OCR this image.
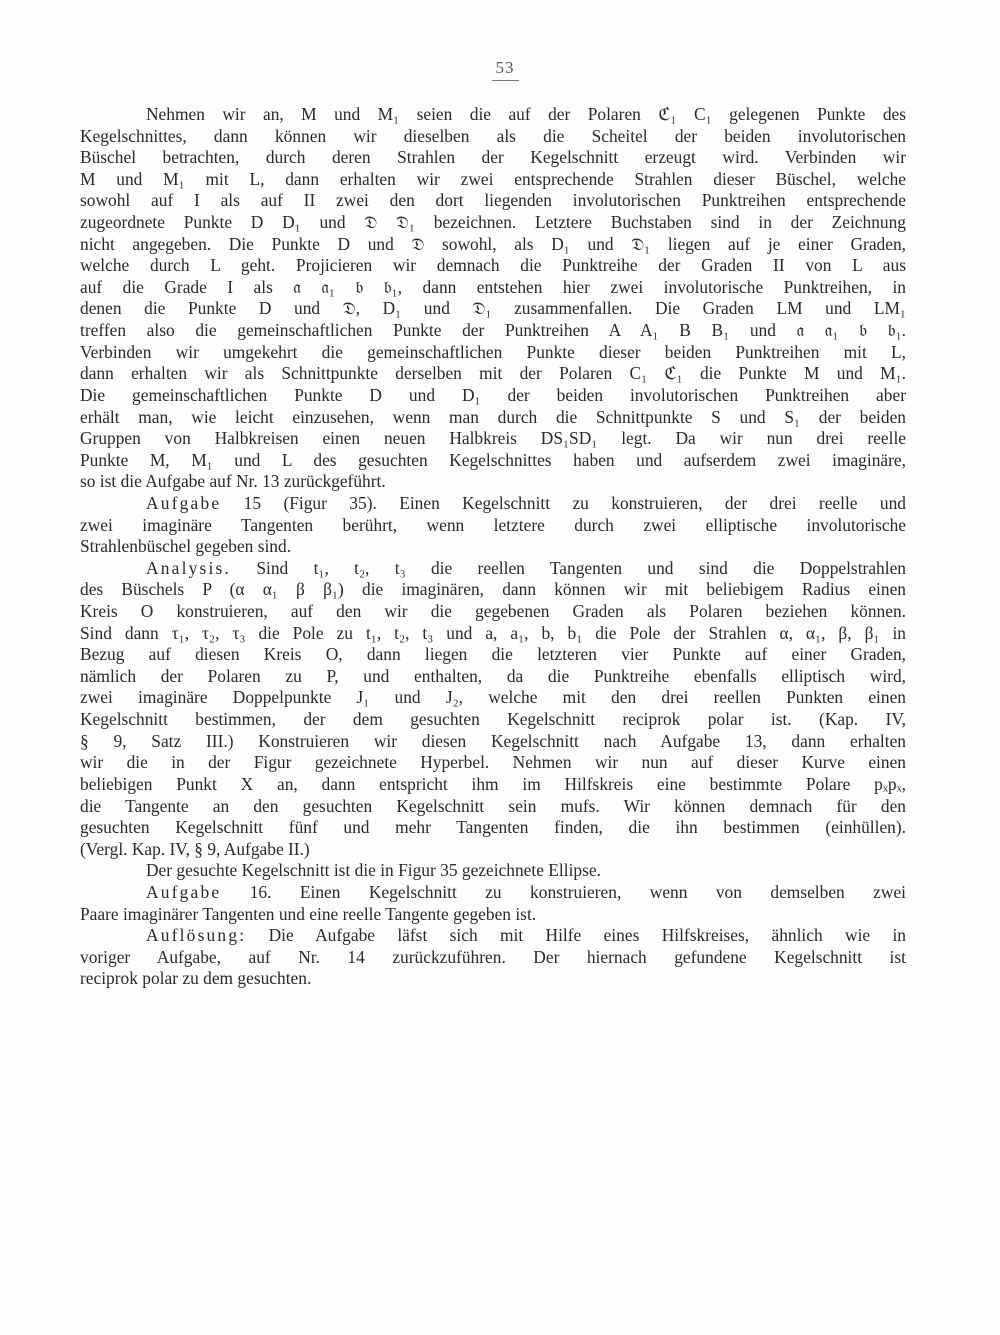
53
Nehmen wir an, M und M₁ seien die auf der Polaren ℭ₁ C₁ gelegenen Punkte des
Kegelschnittes, dann können wir dieselben als die Scheitel der beiden involutorischen
Büschel betrachten, durch deren Strahlen der Kegelschnitt erzeugt wird. Verbinden wir
M und M₁ mit L, dann erhalten wir zwei entsprechende Strahlen dieser Büschel, welche
sowohl auf I als auf II zwei den dort liegenden involutorischen Punktreihen entsprechende
zugeordnete Punkte D D₁ und 𝔇 𝔇₁ bezeichnen. Letztere Buchstaben sind in der Zeichnung
nicht angegeben. Die Punkte D und 𝔇 sowohl, als D₁ und 𝔇₁ liegen auf je einer Graden,
welche durch L geht. Projicieren wir demnach die Punktreihe der Graden II von L aus
auf die Grade I als 𝔞 𝔞₁ 𝔟 𝔟₁, dann entstehen hier zwei involutorische Punktreihen, in
denen die Punkte D und 𝔇, D₁ und 𝔇₁ zusammenfallen. Die Graden LM und LM₁
treffen also die gemeinschaftlichen Punkte der Punktreihen A A₁ B B₁ und 𝔞 𝔞₁ 𝔟 𝔟₁.
Verbinden wir umgekehrt die gemeinschaftlichen Punkte dieser beiden Punktreihen mit L,
dann erhalten wir als Schnittpunkte derselben mit der Polaren C₁ ℭ₁ die Punkte M und M₁.
Die gemeinschaftlichen Punkte D und D₁ der beiden involutorischen Punktreihen aber
erhält man, wie leicht einzusehen, wenn man durch die Schnittpunkte S und S₁ der beiden
Gruppen von Halbkreisen einen neuen Halbkreis DS₁SD₁ legt. Da wir nun drei reelle
Punkte M, M₁ und L des gesuchten Kegelschnittes haben und aufserdem zwei imaginäre,
so ist die Aufgabe auf Nr. 13 zurückgeführt.
Aufgabe 15 (Figur 35). Einen Kegelschnitt zu konstruieren, der drei reelle und
zwei imaginäre Tangenten berührt, wenn letztere durch zwei elliptische involutorische
Strahlenbüschel gegeben sind.
Analysis. Sind t₁, t₂, t₃ die reellen Tangenten und sind die Doppelstrahlen
des Büschels P (α α₁ β β₁) die imaginären, dann können wir mit beliebigem Radius einen
Kreis O konstruieren, auf den wir die gegebenen Graden als Polaren beziehen können.
Sind dann τ₁, τ₂, τ₃ die Pole zu t₁, t₂, t₃ und a, a₁, b, b₁ die Pole der Strahlen α, α₁, β, β₁ in
Bezug auf diesen Kreis O, dann liegen die letzteren vier Punkte auf einer Graden,
nämlich der Polaren zu P, und enthalten, da die Punktreihe ebenfalls elliptisch wird,
zwei imaginäre Doppelpunkte J₁ und J₂, welche mit den drei reellen Punkten einen
Kegelschnitt bestimmen, der dem gesuchten Kegelschnitt reciprok polar ist. (Kap. IV,
§ 9, Satz III.) Konstruieren wir diesen Kegelschnitt nach Aufgabe 13, dann erhalten
wir die in der Figur gezeichnete Hyperbel. Nehmen wir nun auf dieser Kurve einen
beliebigen Punkt X an, dann entspricht ihm im Hilfskreis eine bestimmte Polare pₓpₓ,
die Tangente an den gesuchten Kegelschnitt sein mufs. Wir können demnach für den
gesuchten Kegelschnitt fünf und mehr Tangenten finden, die ihn bestimmen (einhüllen).
(Vergl. Kap. IV, § 9, Aufgabe II.)
Der gesuchte Kegelschnitt ist die in Figur 35 gezeichnete Ellipse.
Aufgabe 16. Einen Kegelschnitt zu konstruieren, wenn von demselben zwei
Paare imaginärer Tangenten und eine reelle Tangente gegeben ist.
Auflösung: Die Aufgabe läfst sich mit Hilfe eines Hilfskreises, ähnlich wie in
voriger Aufgabe, auf Nr. 14 zurückzuführen. Der hiernach gefundene Kegelschnitt ist
reciprok polar zu dem gesuchten.
